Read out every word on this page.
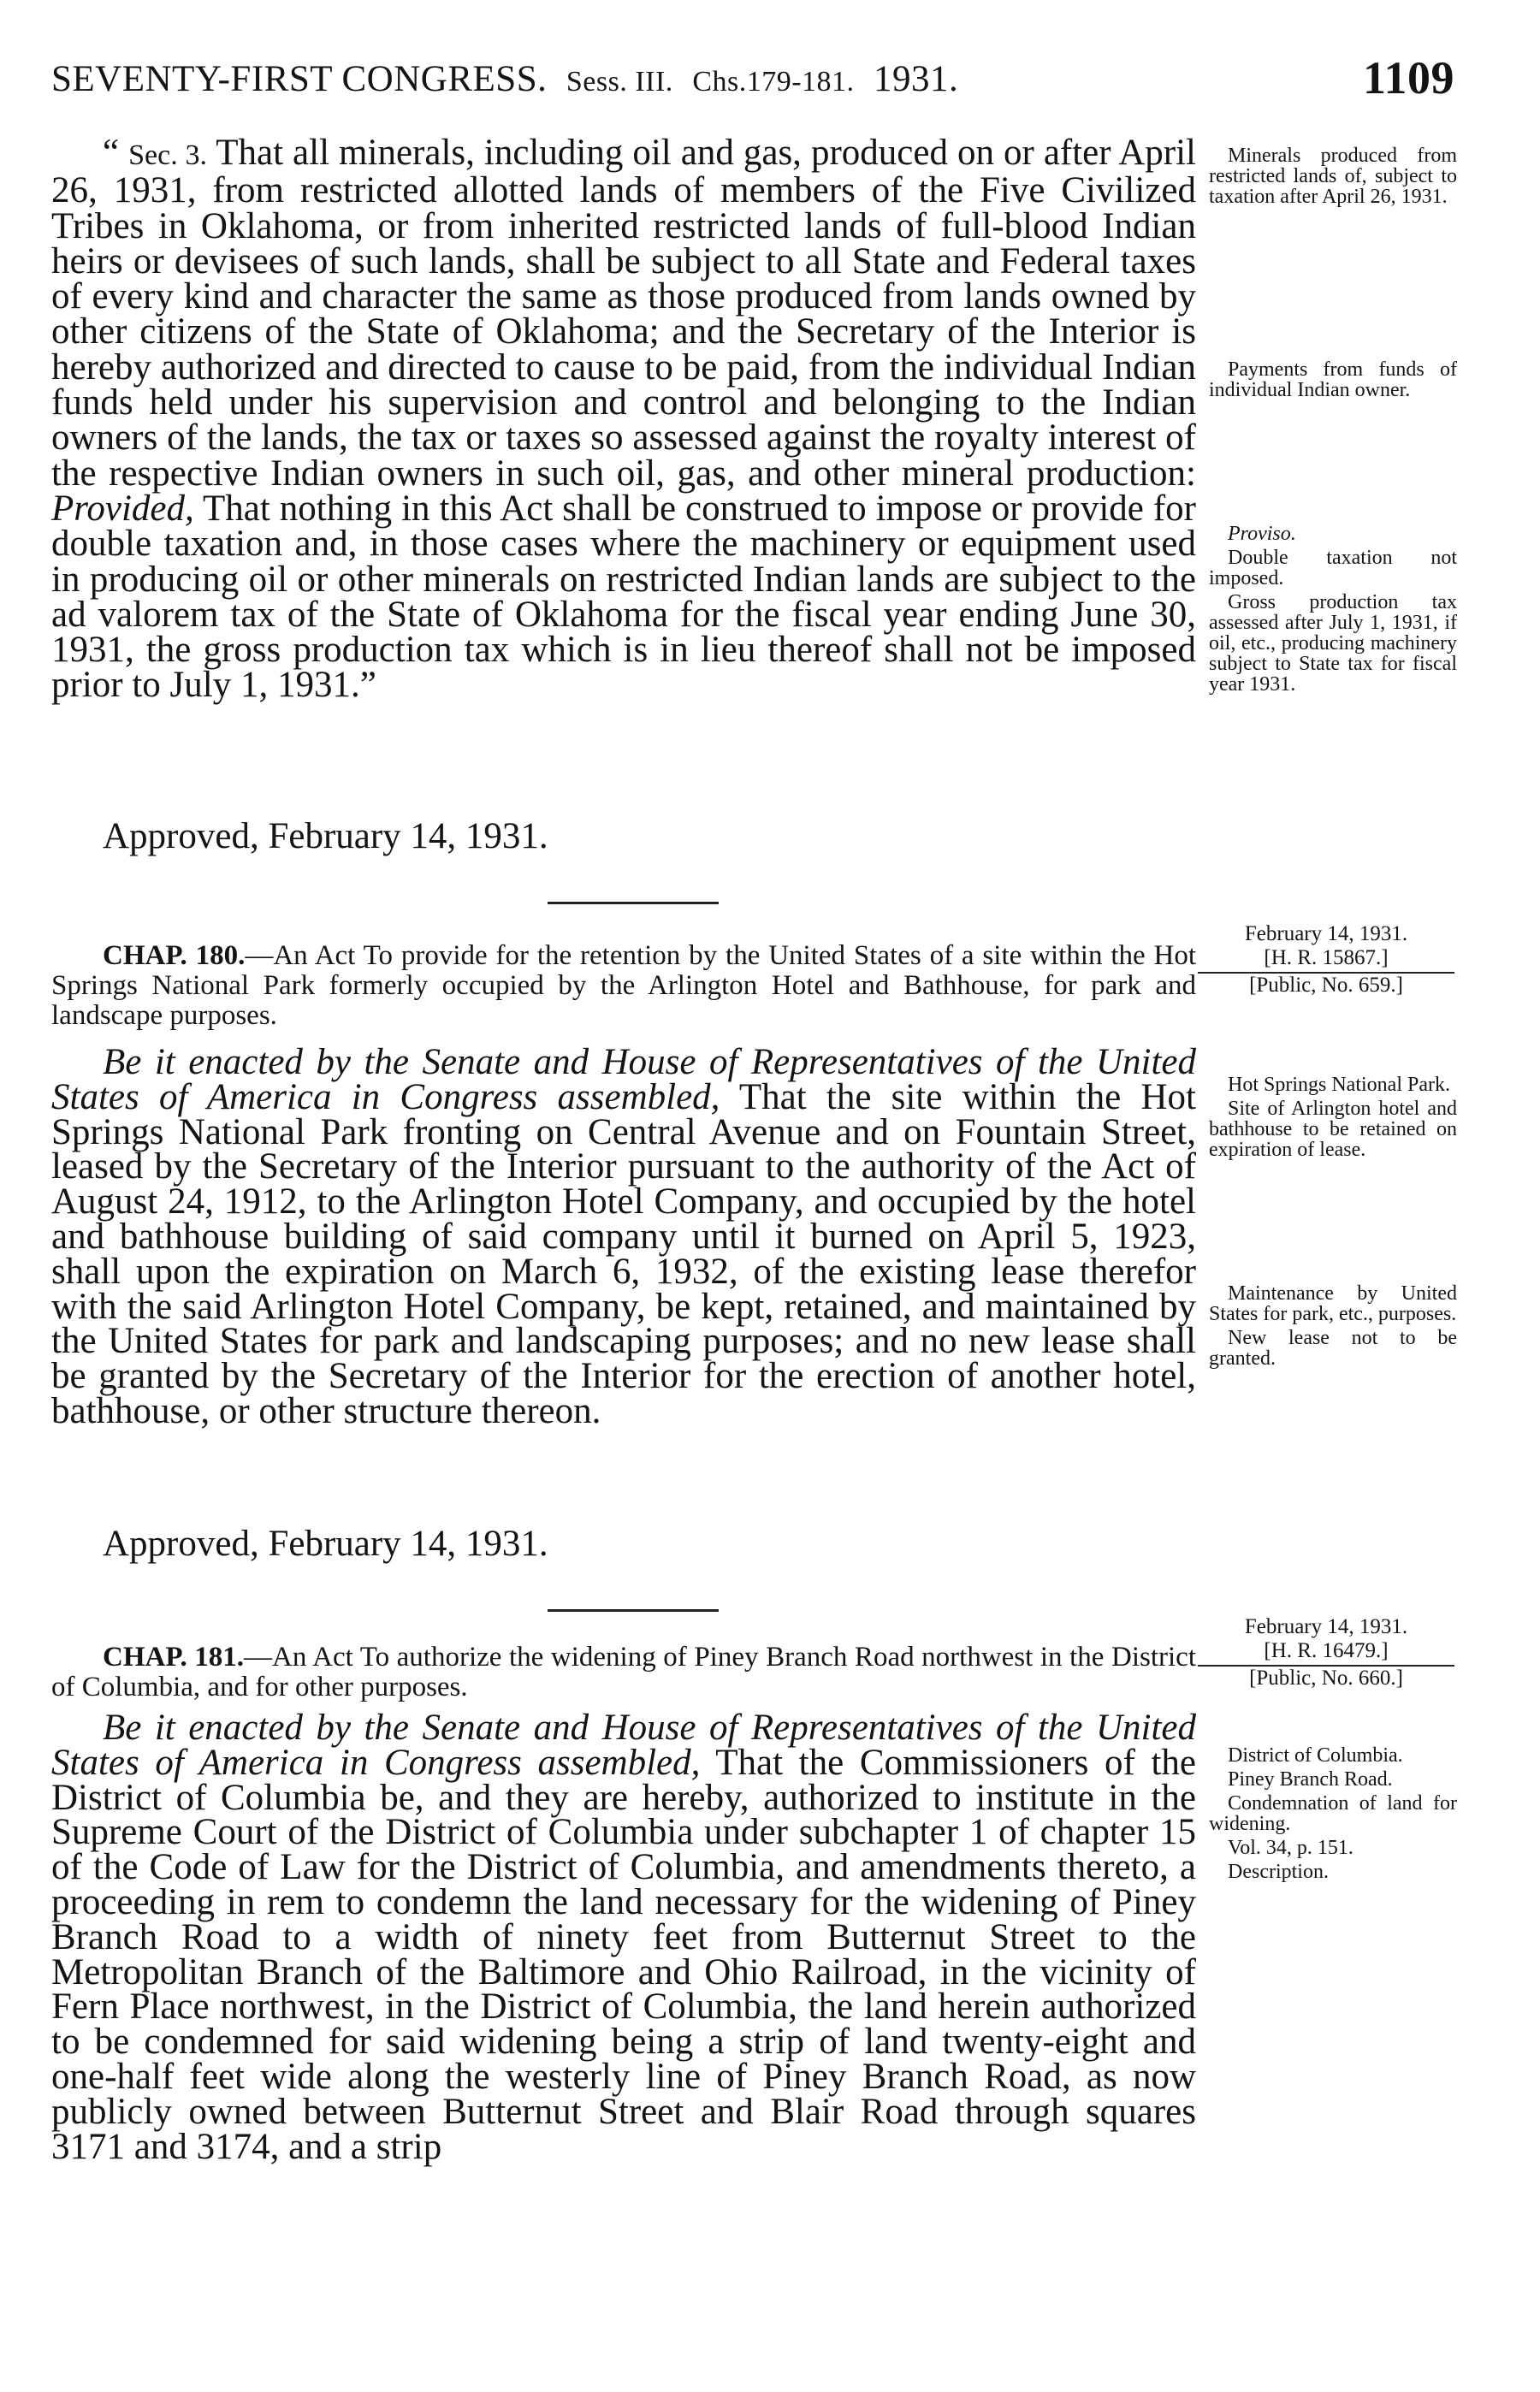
SEVENTY-FIRST CONGRESS. Sess. III. Chs.179-181. 1931.	1109

“ Sec. 3. That all minerals, including oil and gas, produced on or after April 26, 1931, from restricted allotted lands of members of the Five Civilized Tribes in Oklahoma, or from inherited restricted lands of full-blood Indian heirs or devisees of such lands, shall be subject to all State and Federal taxes of every kind and character the same as those produced from lands owned by other citizens of the State of Oklahoma; and the Secretary of the Interior is hereby authorized and directed to cause to be paid, from the individual Indian funds held under his supervision and control and belonging to the Indian owners of the lands, the tax or taxes so assessed against the royalty interest of the respective Indian owners in such oil, gas, and other mineral production: Provided, That nothing in this Act shall be construed to impose or provide for double taxation and, in those cases where the machinery or equipment used in producing oil or other minerals on restricted Indian lands are subject to the ad valorem tax of the State of Oklahoma for the fiscal year ending June 30, 1931, the gross production tax which is in lieu thereof shall not be imposed prior to July 1, 1931.”

Approved, February 14, 1931.

Minerals produced from restricted lands of, subject to taxation after April 26, 1931.

Payments from funds of individual Indian owner.

Proviso.

Double taxation not imposed.

Gross production tax assessed after July 1, 1931, if oil, etc., producing machinery subject to State tax for fiscal year 1931.

February 14, 1931.
[H. R. 15867.]
[Public, No. 659.]

CHAP. 180.—An Act To provide for the retention by the United States of a site within the Hot Springs National Park formerly occupied by the Arlington Hotel and Bathhouse, for park and landscape purposes.

Be it enacted by the Senate and House of Representatives of the United States of America in Congress assembled, That the site within the Hot Springs National Park fronting on Central Avenue and on Fountain Street, leased by the Secretary of the Interior pursuant to the authority of the Act of August 24, 1912, to the Arlington Hotel Company, and occupied by the hotel and bathhouse building of said company until it burned on April 5, 1923, shall upon the expiration on March 6, 1932, of the existing lease therefor with the said Arlington Hotel Company, be kept, retained, and maintained by the United States for park and landscaping purposes; and no new lease shall be granted by the Secretary of the Interior for the erection of another hotel, bathhouse, or other structure thereon.

Approved, February 14, 1931.

Hot Springs National Park.

Site of Arlington hotel and bathhouse to be retained on expiration of lease.

Maintenance by United States for park, etc., purposes.

New lease not to be granted.

February 14, 1931.
[H. R. 16479.]
[Public, No. 660.]

CHAP. 181.—An Act To authorize the widening of Piney Branch Road northwest in the District of Columbia, and for other purposes.

Be it enacted by the Senate and House of Representatives of the United States of America in Congress assembled, That the Commissioners of the District of Columbia be, and they are hereby, authorized to institute in the Supreme Court of the District of Columbia under subchapter 1 of chapter 15 of the Code of Law for the District of Columbia, and amendments thereto, a proceeding in rem to condemn the land necessary for the widening of Piney Branch Road to a width of ninety feet from Butternut Street to the Metropolitan Branch of the Baltimore and Ohio Railroad, in the vicinity of Fern Place northwest, in the District of Columbia, the land herein authorized to be condemned for said widening being a strip of land twenty-eight and one-half feet wide along the westerly line of Piney Branch Road, as now publicly owned between Butternut Street and Blair Road through squares 3171 and 3174, and a strip

District of Columbia.

Piney Branch Road.

Condemnation of land for widening.

Vol. 34, p. 151.

Description.
